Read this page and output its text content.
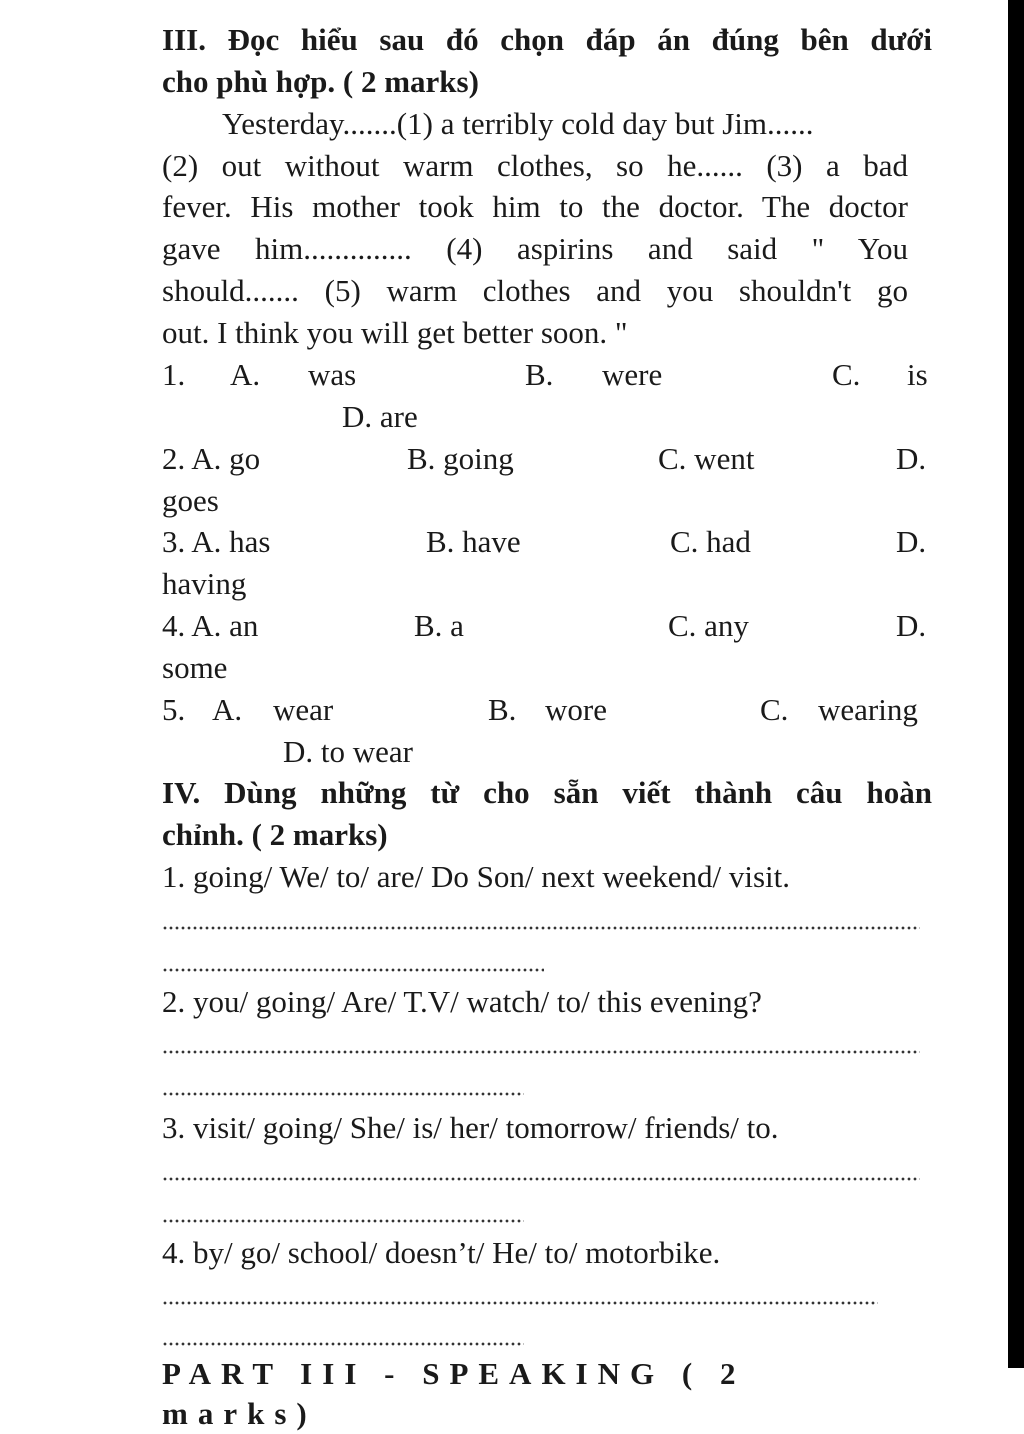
III. Đọc hiểu sau đó chọn đáp án đúng bên dưới
cho phù hợp. ( 2 marks)
Yesterday.......(1) a terribly cold day but Jim......
(2) out without warm clothes, so he...... (3) a bad
fever. His mother took him to the doctor. The doctor
gave him.............. (4) aspirins and said " You
should....... (5) warm clothes and you shouldn't go
out. I think you will get better soon. "
1. A. was	B. were	C. is
D. are
2. A. go	B. going	C. went	D.
goes
3. A. has	B. have	C. had	D.
having
4. A. an	B. a	C. any	D.
some
5. A. wear	B. wore	C. wearing
D. to wear
IV. Dùng những từ cho sẵn viết thành câu hoàn
chỉnh. ( 2 marks)
1. going/ We/ to/ are/ Do Son/ next weekend/ visit.
2. you/ going/ Are/ T.V/ watch/ to/ this evening?
3. visit/ going/ She/ is/ her/ tomorrow/ friends/ to.
4. by/ go/ school/ doesn’t/ He/ to/ motorbike.
PART III - SPEAKING ( 2 marks)
